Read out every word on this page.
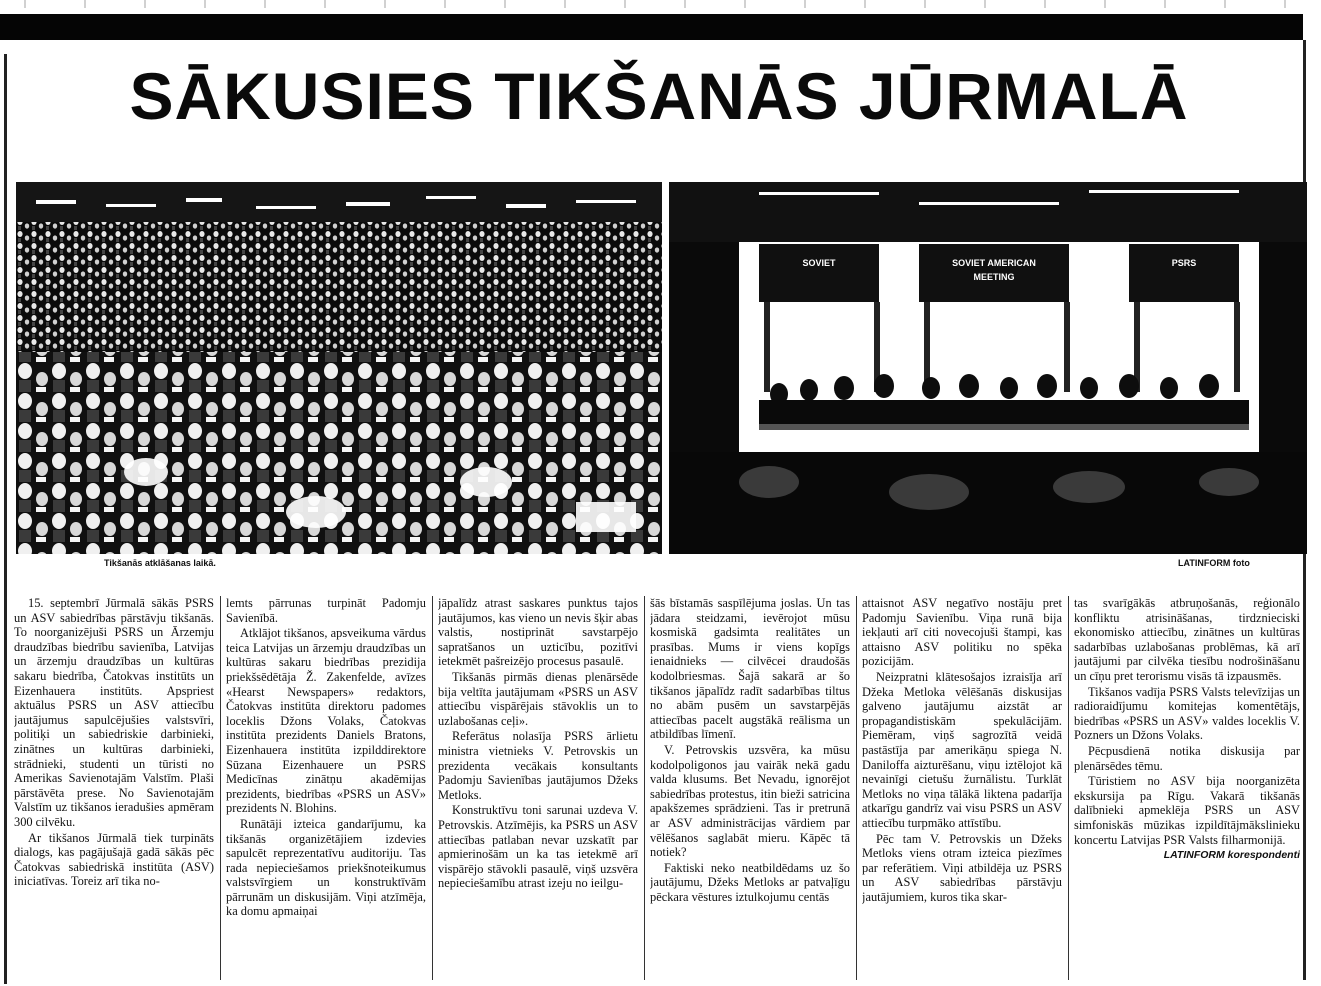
SĀKUSIES TIKŠANĀS JŪRMALĀ
Tikšanās atklāšanas laikā.
SOVIET	SOVIET AMERICAN
MEETING
PSRS
LATINFORM foto

15. septembrī Jūrmalā sākās PSRS un ASV sabiedrības pārstāvju tikšanās. To noorganizējuši PSRS un Ārzemju draudzības biedrību savienība, Latvijas un ārzemju draudzības un kultūras sakaru biedrība, Čatokvas institūts un Eizenhauera institūts. Apspriest aktuālus PSRS un ASV attiecību jautājumus sapulcējušies valstsvīri, politiķi un sabiedriskie darbinieki, zinātnes un kultūras darbinieki, strādnieki, studenti un tūristi no Amerikas Savienotajām Valstīm. Plaši pārstāvēta prese. No Savienotajām Valstīm uz tikšanos ieradušies apmēram 300 cilvēku.

Ar tikšanos Jūrmalā tiek turpināts dialogs, kas pagājušajā gadā sākās pēc Čatokvas sabiedriskā institūta (ASV) iniciatīvas. Toreiz arī tika no-

lemts pārrunas turpināt Padomju Savienībā.

Atklājot tikšanos, apsveikuma vārdus teica Latvijas un ārzemju draudzības un kultūras sakaru biedrības prezidija priekšsēdētāja Ž. Zakenfelde, avīzes «Hearst Newspapers» redaktors, Čatokvas institūta direktoru padomes loceklis Džons Volaks, Čatokvas institūta prezidents Daniels Bratons, Eizenhauera institūta izpilddirektore Sūzana Eizenhauere un PSRS Medicīnas zinātņu akadēmijas prezidents, biedrības «PSRS un ASV» prezidents N. Blohins.

Runātāji izteica gandarījumu, ka tikšanās organizētājiem izdevies sapulcēt reprezentatīvu auditoriju. Tas rada nepieciešamos priekšnoteikumus valstsvīrgiem un konstruktīvām pārrunām un diskusijām. Viņi atzīmēja, ka domu apmaiņai

jāpalīdz atrast saskares punktus tajos jautājumos, kas vieno un nevis šķir abas valstis, nostiprināt savstarpējo sapratšanos un uzticību, pozitīvi ietekmēt pašreizējo procesus pasaulē.

Tikšanās pirmās dienas plenārsēde bija veltīta jautājumam «PSRS un ASV attiecību vispārējais stāvoklis un to uzlabošanas ceļi».

Referātus nolasīja PSRS ārlietu ministra vietnieks V. Petrovskis un prezidenta vecākais konsultants Padomju Savienības jautājumos Džeks Metloks.

Konstruktīvu toni sarunai uzdeva V. Petrovskis. Atzīmējis, ka PSRS un ASV attiecības patlaban nevar uzskatīt par apmierinošām un ka tas ietekmē arī vispārējo stāvokli pasaulē, viņš uzsvēra nepieciešamību atrast izeju no ieilgu-

šās bīstamās saspīlējuma joslas. Un tas jādara steidzami, ievērojot mūsu kosmiskā gadsimta realitātes un prasības. Mums ir viens kopīgs ienaidnieks — cilvēcei draudošās kodolbriesmas. Šajā sakarā ar šo tikšanos jāpalīdz radīt sadarbības tiltus no abām pusēm un savstarpējās attiecības pacelt augstākā reālisma un atbildības līmenī.

V. Petrovskis uzsvēra, ka mūsu kodolpoligonos jau vairāk nekā gadu valda klusums. Bet Nevadu, ignorējot sabiedrības protestus, itin bieži satricina apakšzemes sprādzieni. Tas ir pretrunā ar ASV administrācijas vārdiem par vēlēšanos saglabāt mieru. Kāpēc tā notiek?

Faktiski neko neatbildēdams uz šo jautājumu, Džeks Metloks ar patvaļīgu pēckara vēstures iztulkojumu centās

attaisnot ASV negatīvo nostāju pret Padomju Savienību. Viņa runā bija iekļauti arī citi novecojuši štampi, kas attaisno ASV politiku no spēka pozicijām.

Neizpratni klātesošajos izraisīja arī Džeka Metloka vēlēšanās diskusijas galveno jautājumu aizstāt ar propagandistiskām spekulācijām. Piemēram, viņš sagrozītā veidā pastāstīja par amerikāņu spiega N. Daniloffa aizturēšanu, viņu iztēlojot kā nevainīgi cietušu žurnālistu. Turklāt Metloks no viņa tālākā liktena padarīja atkarīgu gandrīz vai visu PSRS un ASV attiecību turpmāko attīstību.

Pēc tam V. Petrovskis un Džeks Metloks viens otram izteica piezīmes par referātiem. Viņi atbildēja uz PSRS un ASV sabiedrības pārstāvju jautājumiem, kuros tika skar-

tas svarīgākās atbruņošanās, reģionālo konfliktu atrisināšanas, tirdznieciski ekonomisko attiecību, zinātnes un kultūras sadarbības uzlabošanas problēmas, kā arī jautājumi par cilvēka tiesību nodrošināšanu un cīņu pret terorismu visās tā izpausmēs.

Tikšanos vadīja PSRS Valsts televīzijas un radioraidījumu komitejas komentētājs, biedrības «PSRS un ASV» valdes loceklis V. Pozners un Džons Volaks.

Pēcpusdienā notika diskusija par plenārsēdes tēmu.

Tūristiem no ASV bija noorganizēta ekskursija pa Rīgu. Vakarā tikšanās dalībnieki apmeklēja PSRS un ASV simfoniskās mūzikas izpildītājmākslinieku koncertu Latvijas PSR Valsts filharmonijā.

LATINFORM korespondenti
